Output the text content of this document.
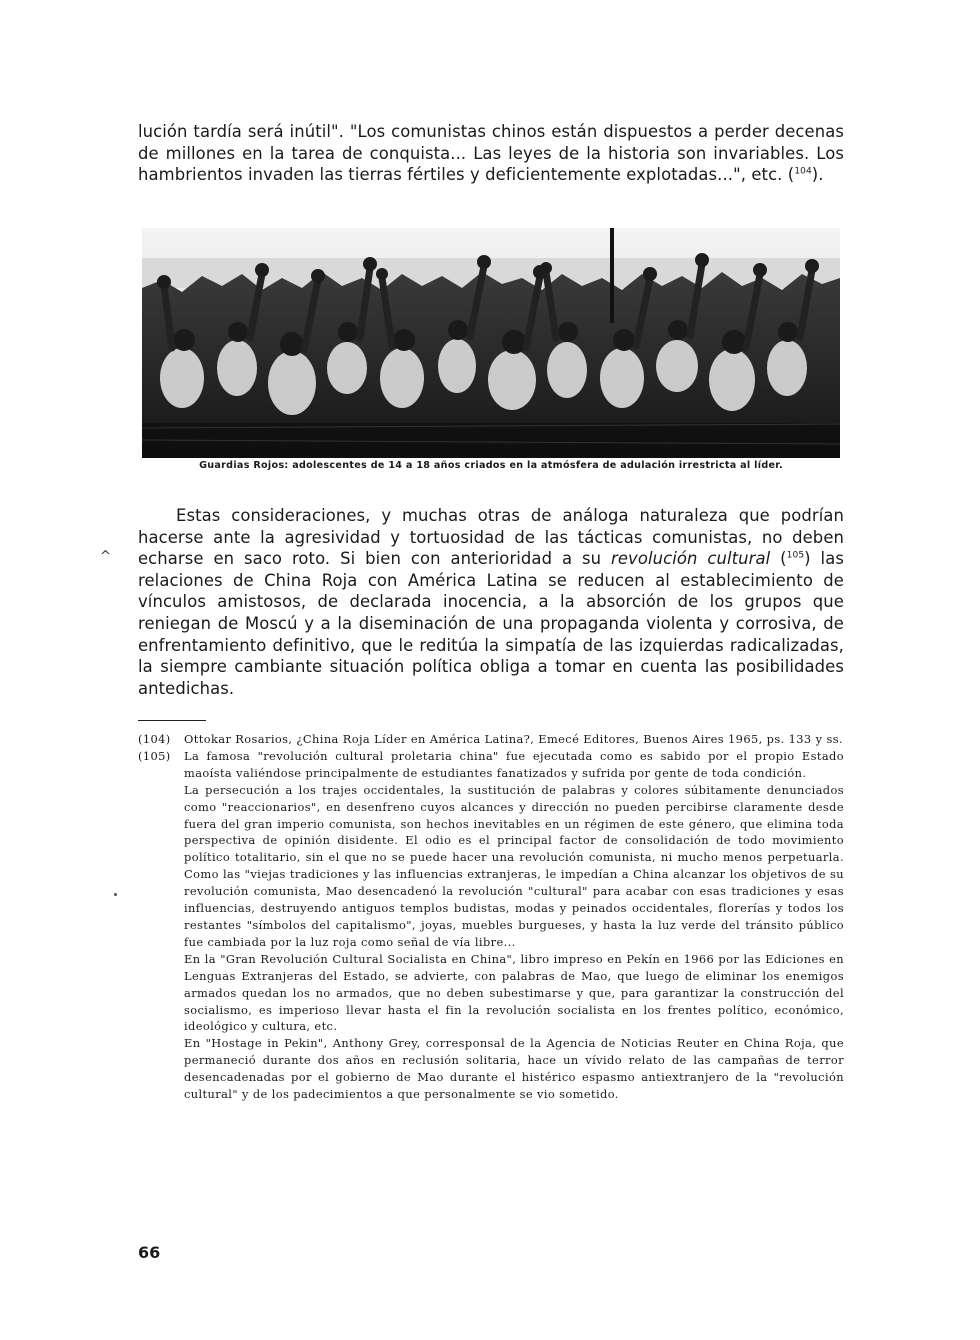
lución tardía será inútil". "Los comunistas chinos están dispuestos a perder decenas de millones en la tarea de conquista... Las leyes de la historia son invariables. Los hambrientos invaden las tierras fértiles y deficientemente explotadas...", etc. ($^{104}$).

Guardias Rojos: adolescentes de 14 a 18 años criados en la atmósfera de adulación irrestricta al líder.

^

Estas consideraciones, y muchas otras de análoga naturaleza que podrían hacerse ante la agresividad y tortuosidad de las tácticas comunistas, no deben echarse en saco roto. Si bien con anterioridad a su revolución cultural ($^{105}$) las relaciones de China Roja con América Latina se reducen al establecimiento de vínculos amistosos, de declarada inocencia, a la absorción de los grupos que reniegan de Moscú y a la diseminación de una propaganda violenta y corrosiva, de enfrentamiento definitivo, que le reditúa la simpatía de las izquierdas radicalizadas, la siempre cambiante situación política obliga a tomar en cuenta las posibilidades antedichas.

(104) Ottokar Rosarios, ¿China Roja Líder en América Latina?, Emecé Editores, Buenos Aires 1965, ps. 133 y ss.
(105) La famosa "revolución cultural proletaria china" fue ejecutada como es sabido por el propio Estado maoísta valiéndose principalmente de estudiantes fanatizados y sufrida por gente de toda condición.
La persecución a los trajes occidentales, la sustitución de palabras y colores súbitamente denunciados como "reaccionarios", en desenfreno cuyos alcances y dirección no pueden percibirse claramente desde fuera del gran imperio comunista, son hechos inevitables en un régimen de este género, que elimina toda perspectiva de opinión disidente. El odio es el principal factor de consolidación de todo movimiento político totalitario, sin el que no se puede hacer una revolución comunista, ni mucho menos perpetuarla. Como las "viejas tradiciones y las influencias extranjeras, le impedían a China alcanzar los objetivos de su revolución comunista, Mao desencadenó la revolución "cultural" para acabar con esas tradiciones y esas influencias, destruyendo antiguos templos budistas, modas y peinados occidentales, florerías y todos los restantes "símbolos del capitalismo", joyas, muebles burgueses, y hasta la luz verde del tránsito público fue cambiada por la luz roja como señal de vía libre...
En la "Gran Revolución Cultural Socialista en China", libro impreso en Pekín en 1966 por las Ediciones en Lenguas Extranjeras del Estado, se advierte, con palabras de Mao, que luego de eliminar los enemigos armados quedan los no armados, que no deben subestimarse y que, para garantizar la construcción del socialismo, es imperioso llevar hasta el fin la revolución socialista en los frentes político, económico, ideológico y cultura, etc.
En "Hostage in Pekin", Anthony Grey, corresponsal de la Agencia de Noticias Reuter en China Roja, que permaneció durante dos años en reclusión solitaria, hace un vívido relato de las campañas de terror desencadenadas por el gobierno de Mao durante el histérico espasmo antiextranjero de la "revolución cultural" y de los padecimientos a que personalmente se vio sometido.

66
